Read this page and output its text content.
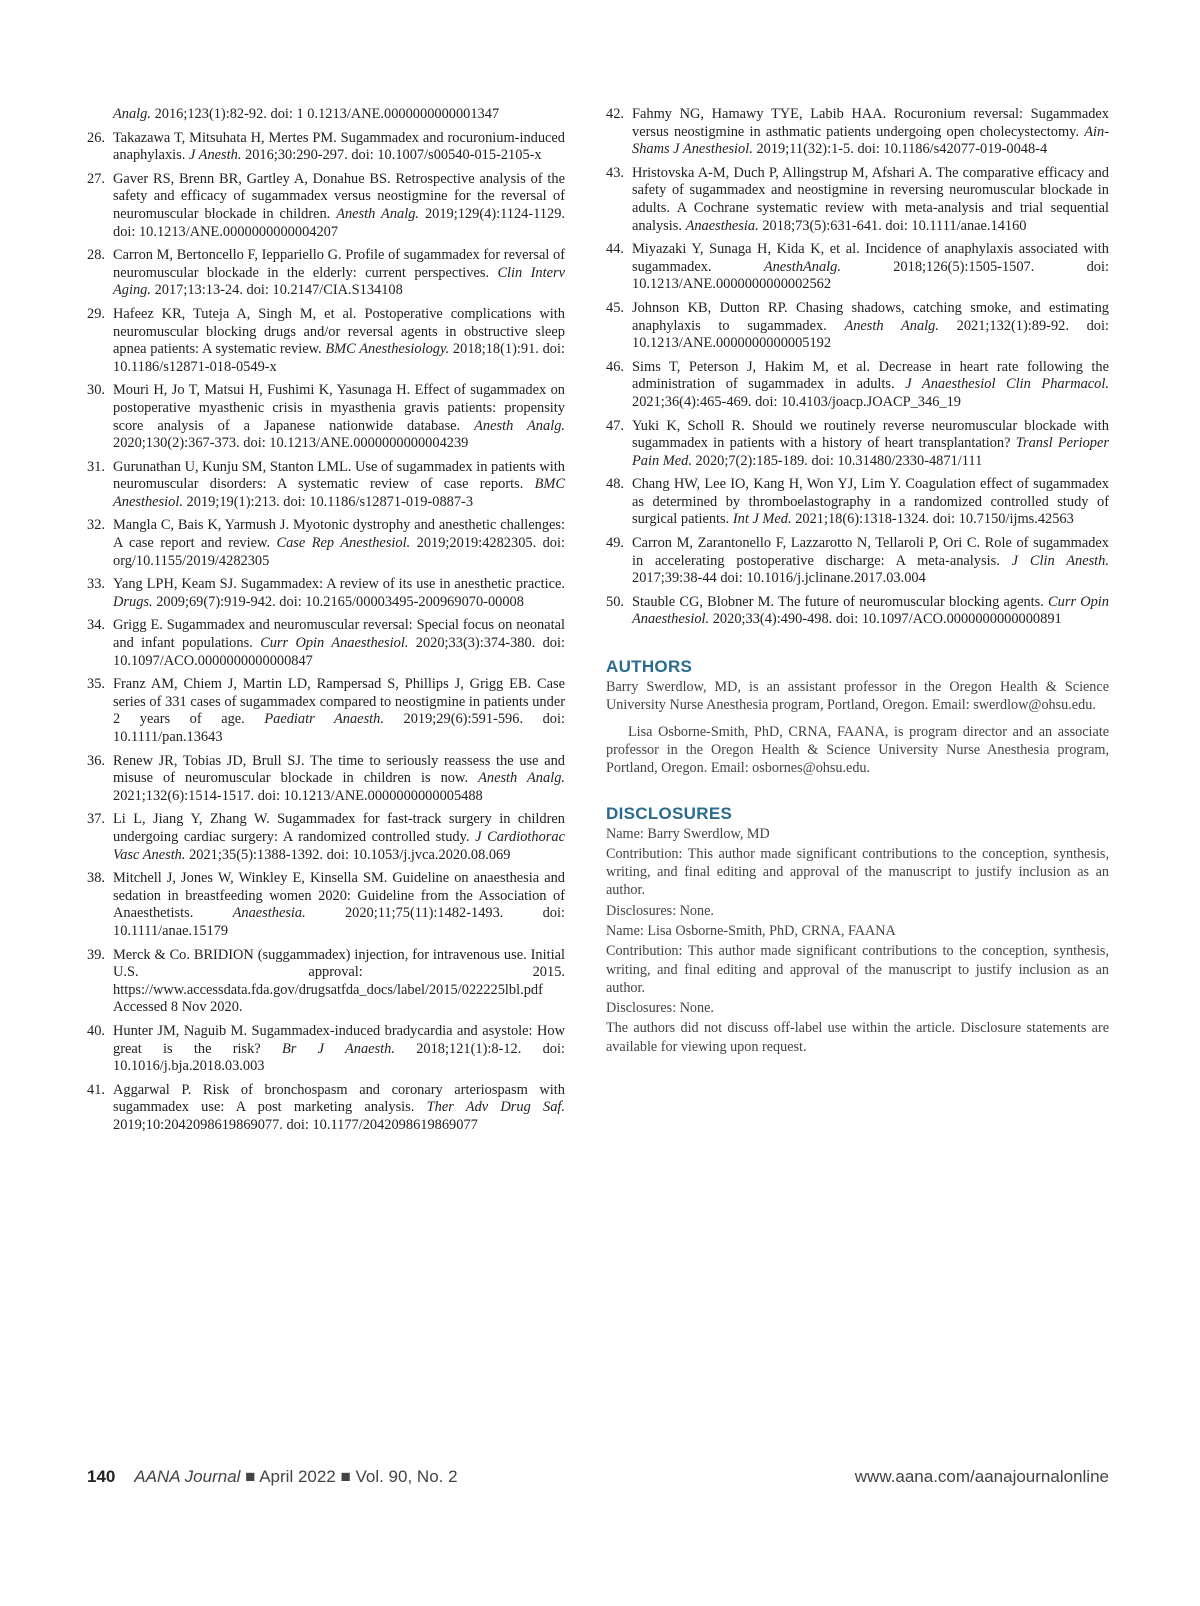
Analg. 2016;123(1):82-92. doi: 1 0.1213/ANE.0000000000001347
26. Takazawa T, Mitsuhata H, Mertes PM. Sugammadex and rocuronium-induced anaphylaxis. J Anesth. 2016;30:290-297. doi: 10.1007/s00540-015-2105-x
27. Gaver RS, Brenn BR, Gartley A, Donahue BS. Retrospective analysis of the safety and efficacy of sugammadex versus neostigmine for the reversal of neuromuscular blockade in children. Anesth Analg. 2019;129(4):1124-1129. doi: 10.1213/ANE.0000000000004207
28. Carron M, Bertoncello F, Ieppariello G. Profile of sugammadex for reversal of neuromuscular blockade in the elderly: current perspectives. Clin Interv Aging. 2017;13:13-24. doi: 10.2147/CIA.S134108
29. Hafeez KR, Tuteja A, Singh M, et al. Postoperative complications with neuromuscular blocking drugs and/or reversal agents in obstructive sleep apnea patients: A systematic review. BMC Anesthesiology. 2018;18(1):91. doi: 10.1186/s12871-018-0549-x
30. Mouri H, Jo T, Matsui H, Fushimi K, Yasunaga H. Effect of sugammadex on postoperative myasthenic crisis in myasthenia gravis patients: propensity score analysis of a Japanese nationwide database. Anesth Analg. 2020;130(2):367-373. doi: 10.1213/ANE.0000000000004239
31. Gurunathan U, Kunju SM, Stanton LML. Use of sugammadex in patients with neuromuscular disorders: A systematic review of case reports. BMC Anesthesiol. 2019;19(1):213. doi: 10.1186/s12871-019-0887-3
32. Mangla C, Bais K, Yarmush J. Myotonic dystrophy and anesthetic challenges: A case report and review. Case Rep Anesthesiol. 2019;2019:4282305. doi: org/10.1155/2019/4282305
33. Yang LPH, Keam SJ. Sugammadex: A review of its use in anesthetic practice. Drugs. 2009;69(7):919-942. doi: 10.2165/00003495-200969070-00008
34. Grigg E. Sugammadex and neuromuscular reversal: Special focus on neonatal and infant populations. Curr Opin Anaesthesiol. 2020;33(3):374-380. doi: 10.1097/ACO.0000000000000847
35. Franz AM, Chiem J, Martin LD, Rampersad S, Phillips J, Grigg EB. Case series of 331 cases of sugammadex compared to neostigmine in patients under 2 years of age. Paediatr Anaesth. 2019;29(6):591-596. doi: 10.1111/pan.13643
36. Renew JR, Tobias JD, Brull SJ. The time to seriously reassess the use and misuse of neuromuscular blockade in children is now. Anesth Analg. 2021;132(6):1514-1517. doi: 10.1213/ANE.0000000000005488
37. Li L, Jiang Y, Zhang W. Sugammadex for fast-track surgery in children undergoing cardiac surgery: A randomized controlled study. J Cardiothorac Vasc Anesth. 2021;35(5):1388-1392. doi: 10.1053/j.jvca.2020.08.069
38. Mitchell J, Jones W, Winkley E, Kinsella SM. Guideline on anaesthesia and sedation in breastfeeding women 2020: Guideline from the Association of Anaesthetists. Anaesthesia. 2020;11;75(11):1482-1493. doi: 10.1111/anae.15179
39. Merck & Co. BRIDION (suggammadex) injection, for intravenous use. Initial U.S. approval: 2015. https://www.accessdata.fda.gov/drugsatfda_docs/label/2015/022225lbl.pdf Accessed 8 Nov 2020.
40. Hunter JM, Naguib M. Sugammadex-induced bradycardia and asystole: How great is the risk? Br J Anaesth. 2018;121(1):8-12. doi: 10.1016/j.bja.2018.03.003
41. Aggarwal P. Risk of bronchospasm and coronary arteriospasm with sugammadex use: A post marketing analysis. Ther Adv Drug Saf. 2019;10:2042098619869077. doi: 10.1177/2042098619869077
42. Fahmy NG, Hamawy TYE, Labib HAA. Rocuronium reversal: Sugammadex versus neostigmine in asthmatic patients undergoing open cholecystectomy. Ain-Shams J Anesthesiol. 2019;11(32):1-5. doi: 10.1186/s42077-019-0048-4
43. Hristovska A-M, Duch P, Allingstrup M, Afshari A. The comparative efficacy and safety of sugammadex and neostigmine in reversing neuromuscular blockade in adults. A Cochrane systematic review with meta-analysis and trial sequential analysis. Anaesthesia. 2018;73(5):631-641. doi: 10.1111/anae.14160
44. Miyazaki Y, Sunaga H, Kida K, et al. Incidence of anaphylaxis associated with sugammadex. AnesthAnalg. 2018;126(5):1505-1507. doi: 10.1213/ANE.0000000000002562
45. Johnson KB, Dutton RP. Chasing shadows, catching smoke, and estimating anaphylaxis to sugammadex. Anesth Analg. 2021;132(1):89-92. doi: 10.1213/ANE.0000000000005192
46. Sims T, Peterson J, Hakim M, et al. Decrease in heart rate following the administration of sugammadex in adults. J Anaesthesiol Clin Pharmacol. 2021;36(4):465-469. doi: 10.4103/joacp.JOACP_346_19
47. Yuki K, Scholl R. Should we routinely reverse neuromuscular blockade with sugammadex in patients with a history of heart transplantation? Transl Perioper Pain Med. 2020;7(2):185-189. doi: 10.31480/2330-4871/111
48. Chang HW, Lee IO, Kang H, Won YJ, Lim Y. Coagulation effect of sugammadex as determined by thromboelastography in a randomized controlled study of surgical patients. Int J Med. 2021;18(6):1318-1324. doi: 10.7150/ijms.42563
49. Carron M, Zarantonello F, Lazzarotto N, Tellaroli P, Ori C. Role of sugammadex in accelerating postoperative discharge: A meta-analysis. J Clin Anesth. 2017;39:38-44 doi: 10.1016/j.jclinane.2017.03.004
50. Stauble CG, Blobner M. The future of neuromuscular blocking agents. Curr Opin Anaesthesiol. 2020;33(4):490-498. doi: 10.1097/ACO.0000000000000891
AUTHORS

Barry Swerdlow, MD, is an assistant professor in the Oregon Health & Science University Nurse Anesthesia program, Portland, Oregon. Email: swerdlow@ohsu.edu.

Lisa Osborne-Smith, PhD, CRNA, FAANA, is program director and an associate professor in the Oregon Health & Science University Nurse Anesthesia program, Portland, Oregon. Email: osbornes@ohsu.edu.

DISCLOSURES

Name: Barry Swerdlow, MD

Contribution: This author made significant contributions to the conception, synthesis, writing, and final editing and approval of the manuscript to justify inclusion as an author.

Disclosures: None.

Name: Lisa Osborne-Smith, PhD, CRNA, FAANA

Contribution: This author made significant contributions to the conception, synthesis, writing, and final editing and approval of the manuscript to justify inclusion as an author.

Disclosures: None.

The authors did not discuss off-label use within the article. Disclosure statements are available for viewing upon request.

140 AANA Journal ■ April 2022 ■ Vol. 90, No. 2	www.aana.com/aanajournalonline
